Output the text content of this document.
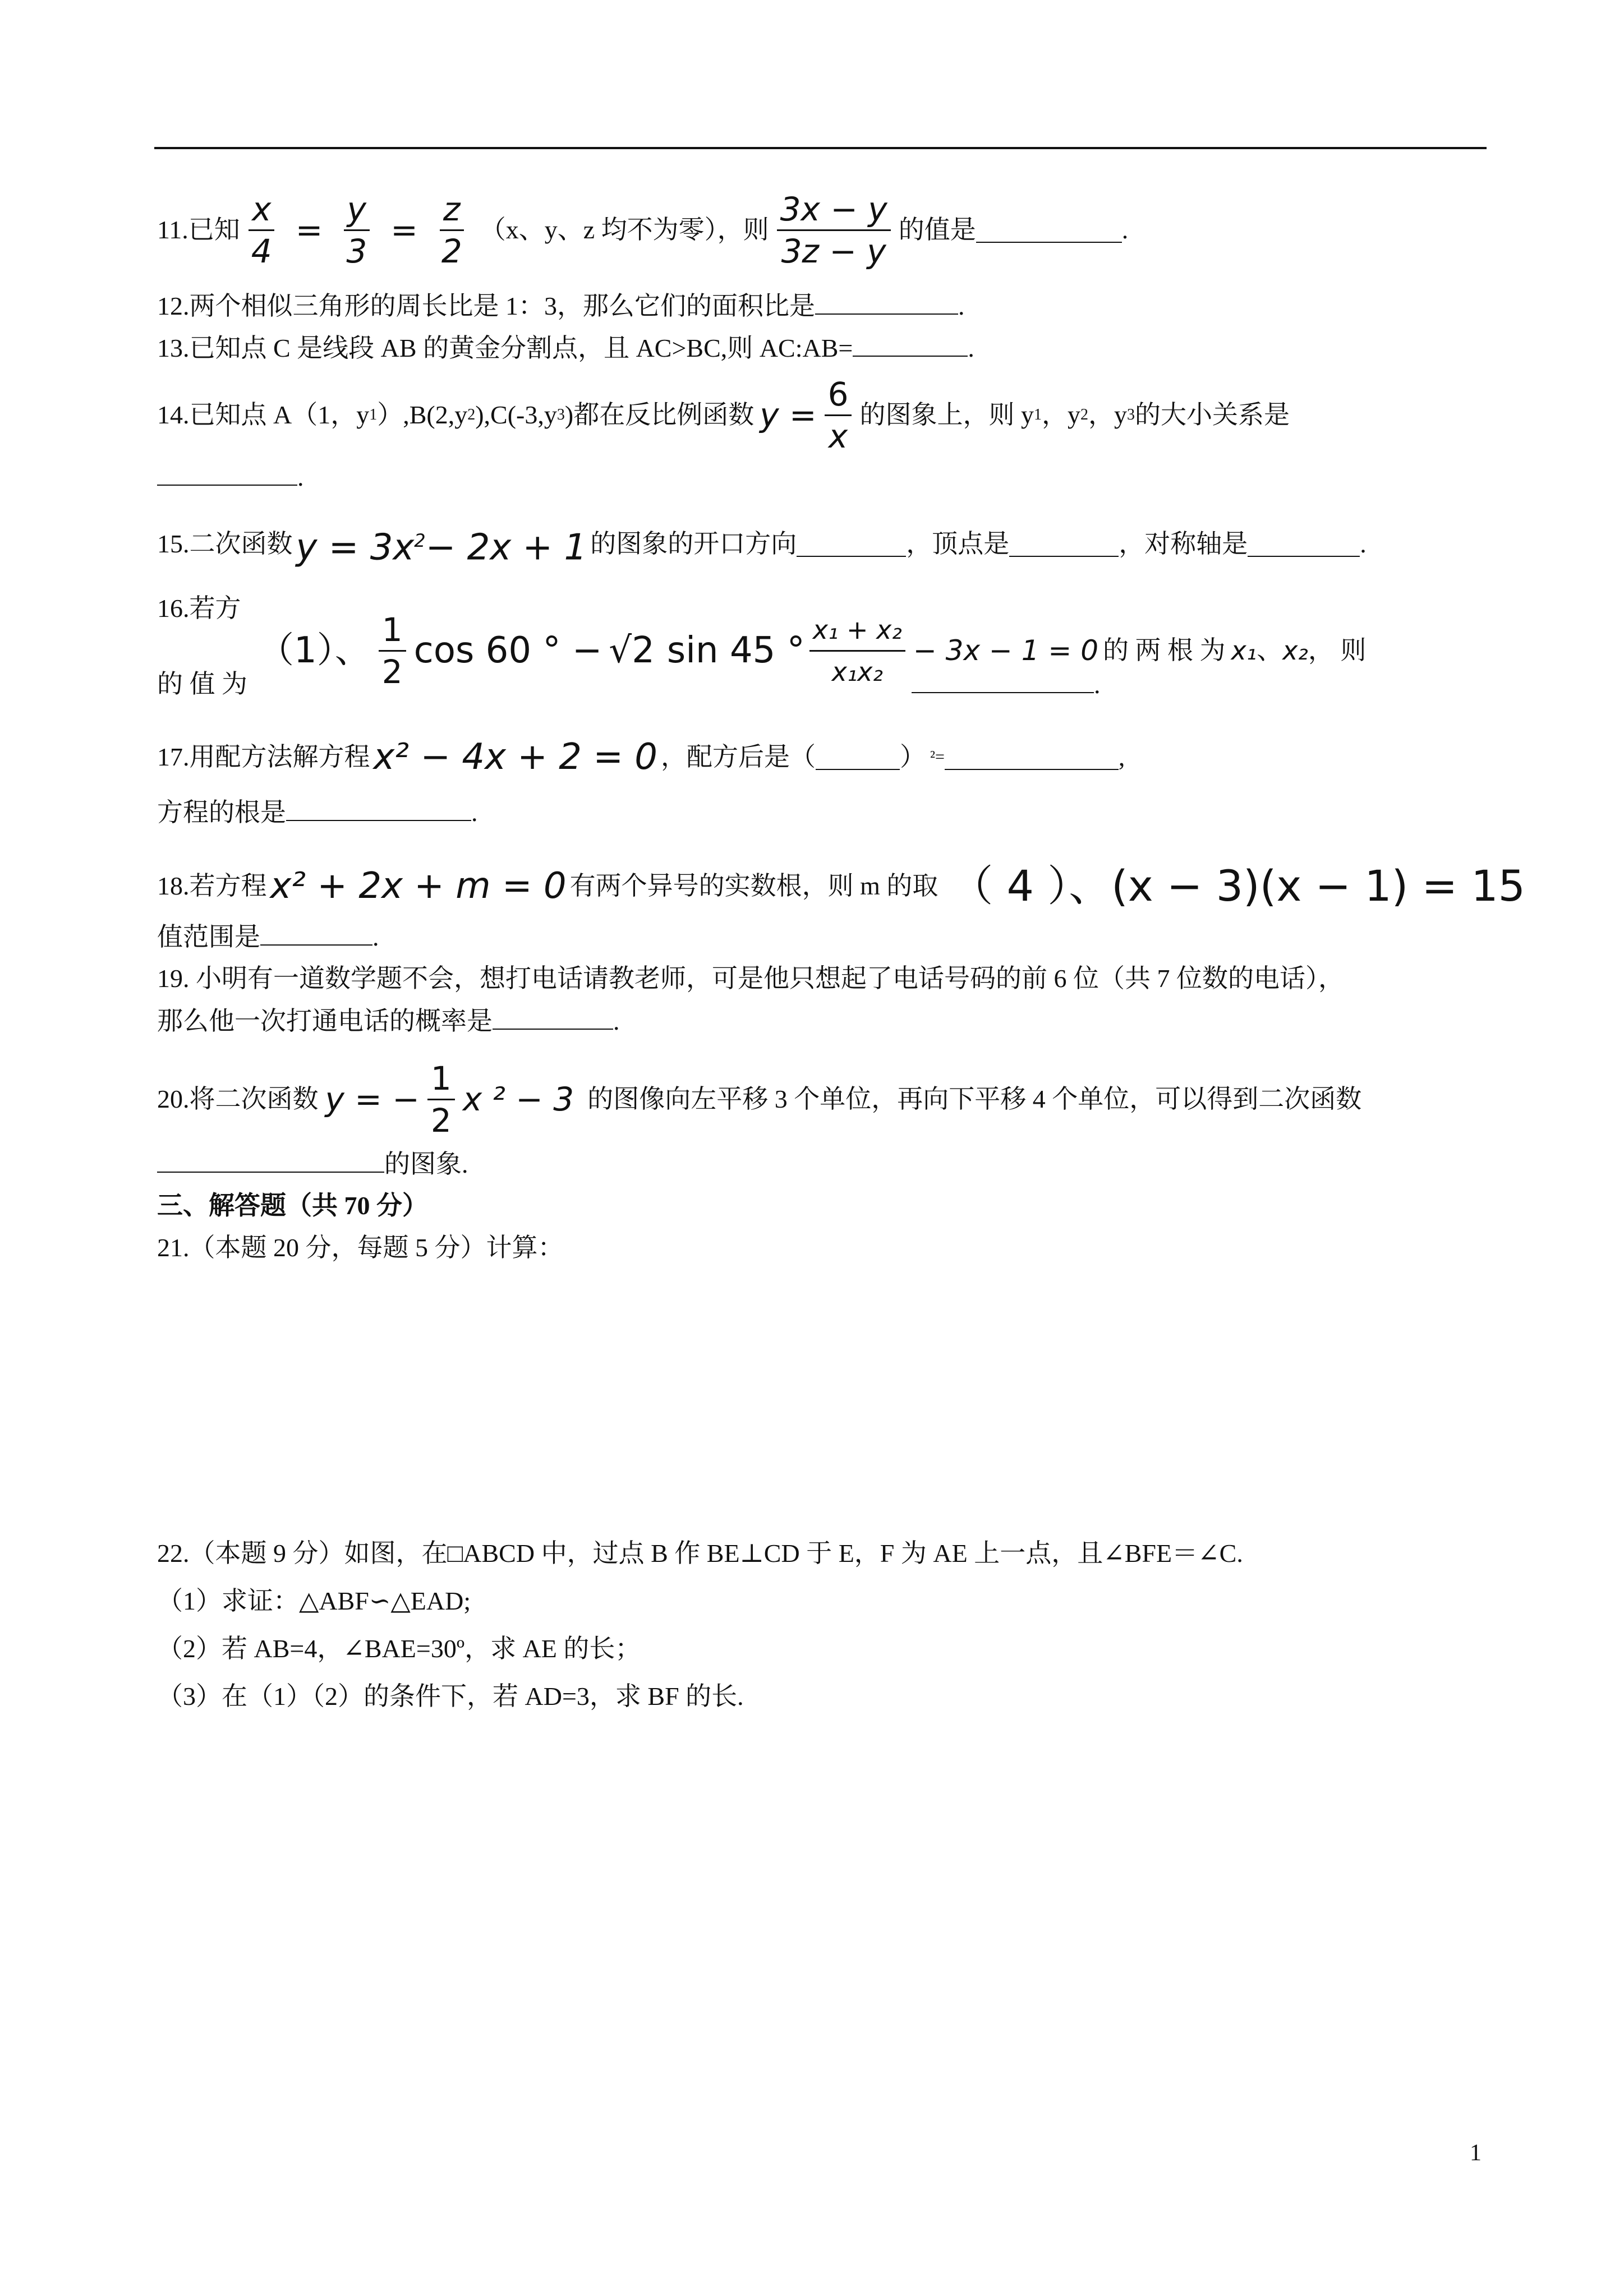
11. 已知 $\frac{x}{4} = \frac{y}{3} = \frac{z}{2} (x$、y、z 均不为零），则 $\frac{3x - y}{3z - y}$ 的值是	.
12.两个相似三角形的周长比是 1：3，那么它们的面积比是	.
13.已知点 C 是线段 AB 的黄金分割点，且 AC>BC,则 AC:AB=	.
14.已知点 A（1，y 1 ）,B(2,y 2 ),C(-3,y 3 )都在反比例函数 $y = \frac{6}{x}$ 的图象上，则 y 1 ，y 2 ，y 3 的大小关系是
.
15.二次函数 $y = 3x^2- 2x + 1$ 的图象的开口方向	，顶点是	，对称轴是	.
16.若方
（1）、 $\frac{1}{2}$ cos 60 ° − √2 sin 45 ° $\frac{\text{x₁ + x₂}}{\text{x₁x₂}} - 3x - 1 = 0$ 的 两 根 为 x₁ 、 x₂ ， 则
的 值 为	.
17.用配方法解方程 x² − 4x + 2 = 0 ，配方后是（	） ²=	,
方程的根是	.
18.若方程 x² + 2x + m = 0 有两个异号的实数根，则 m 的取 （ 4 ）、(x − 3)(x − 1) = 15
值范围是	.
19. 小明有一道数学题不会，想打电话请教老师，可是他只想起了电话号码的前 6 位（共 7 位数的电话），
那么他一次打通电话的概率是	.
20.将二次函数 y = − $\frac{1}{2}$ x ² − 3 的图像向左平移 3 个单位，再向下平移 4 个单位，可以得到二次函数
的图象.
三、解答题（共 70 分）
21.（本题 20 分，每题 5 分）计算：
22.（本题 9 分）如图，在□ABCD 中，过点 B 作 BE⊥CD 于 E，F 为 AE 上一点，且∠BFE＝∠C.
（1）求证：△ABF∽△EAD;
（2）若 AB=4，∠BAE=30º，求 AE 的长；
（3）在（1）（2）的条件下，若 AD=3，求 BF 的长.
1
